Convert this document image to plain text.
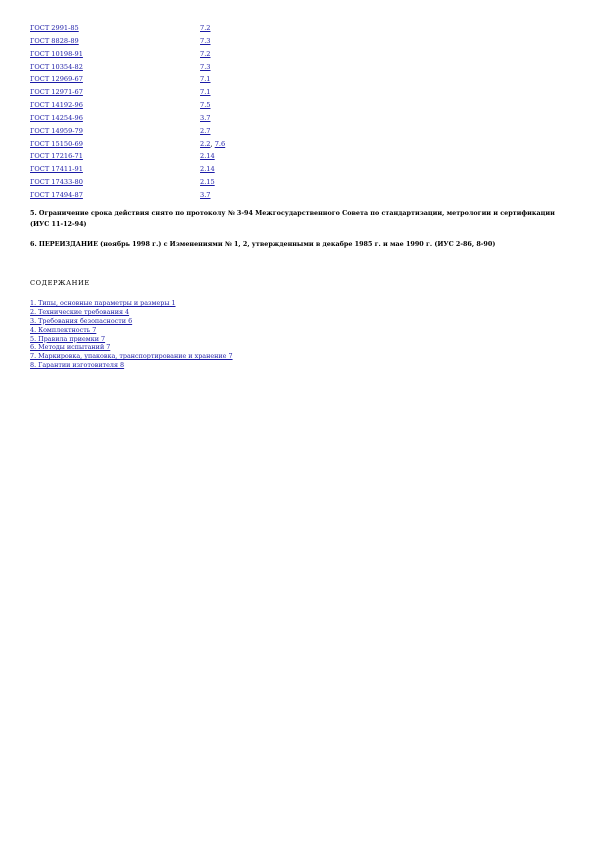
ГОСТ 2991-85	7.2
ГОСТ 8828-89	7.3
ГОСТ 10198-91	7.2
ГОСТ 10354-82	7.3
ГОСТ 12969-67	7.1
ГОСТ 12971-67	7.1
ГОСТ 14192-96	7.5
ГОСТ 14254-96	3.7
ГОСТ 14959-79	2.7
ГОСТ 15150-69	2.2, 7.6
ГОСТ 17216-71	2.14
ГОСТ 17411-91	2.14
ГОСТ 17433-80	2.15
ГОСТ 17494-87	3.7

5. Ограничение срока действия снято по протоколу № 3-94 Межгосударственного Совета по стандартизации, метрологии и сертификации (ИУС 11-12-94)

6. ПЕРЕИЗДАНИЕ (ноябрь 1998 г.) с Изменениями № 1, 2, утвержденными в декабре 1985 г. и мае 1990 г. (ИУС 2-86, 8-90)

СОДЕРЖАНИЕ

1. Типы, основные параметры и размеры 1
2. Технические требования 4
3. Требования безопасности 6
4. Комплектность 7
5. Правила приемки 7
6. Методы испытаний 7
7. Маркировка, упаковка, транспортирование и хранение 7
8. Гарантии изготовителя 8
